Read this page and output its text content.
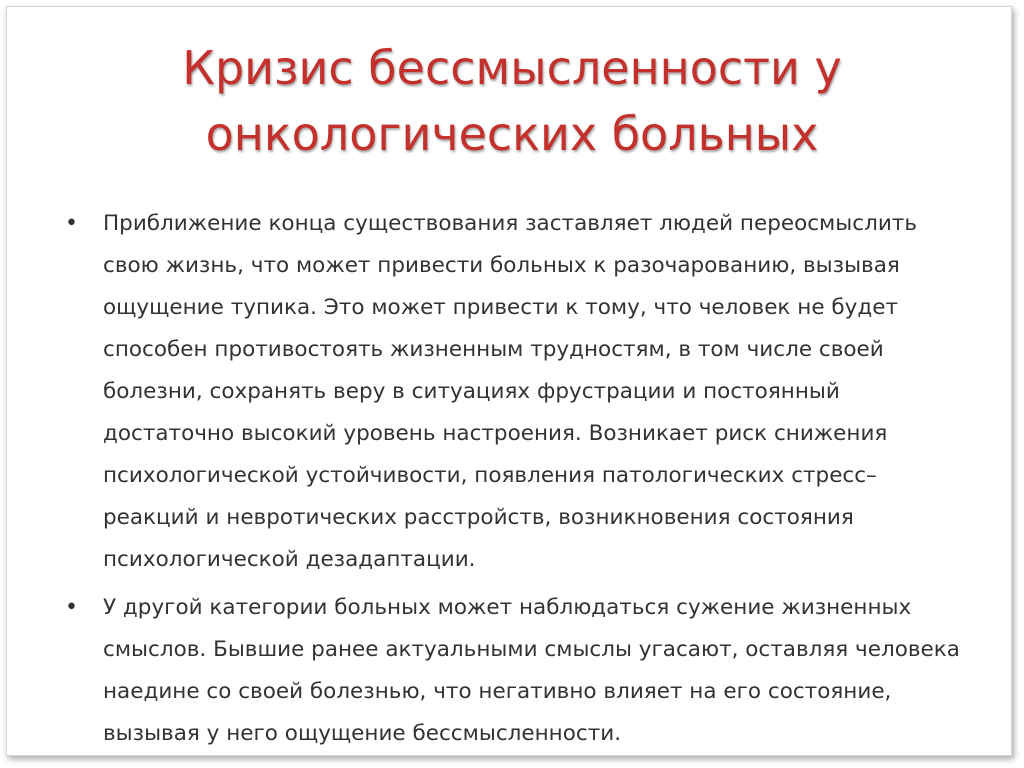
Кризис бессмысленности у
онкологических больных
• Приближение конца существования заставляет людей переосмыслить свою жизнь, что может привести больных к разочарованию, вызывая ощущение тупика. Это может привести к тому, что человек не будет способен противостоять жизненным трудностям, в том числе своей болезни, сохранять веру в ситуациях фрустрации и постоянный достаточно высокий уровень настроения. Возникает риск снижения психологической устойчивости, появления патологических стресс–реакций и невротических расстройств, возникновения состояния психологической дезадаптации.
• У другой категории больных может наблюдаться сужение жизненных смыслов. Бывшие ранее актуальными смыслы угасают, оставляя человека наедине со своей болезнью, что негативно влияет на его состояние, вызывая у него ощущение бессмысленности.
